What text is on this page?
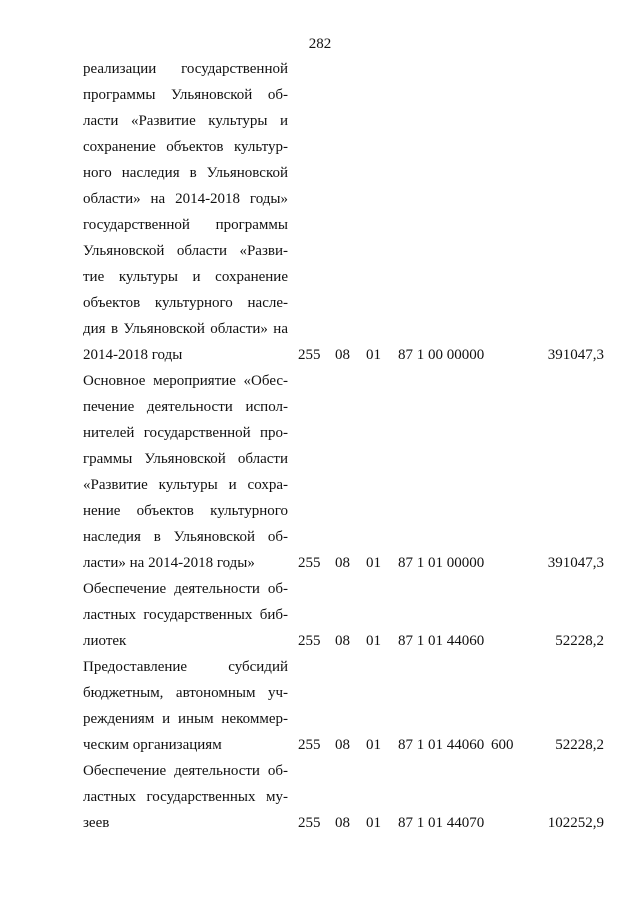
282
реализации государственной
программы Ульяновской об-
ласти «Развитие культуры и
сохранение объектов культур-
ного наследия в Ульяновской
области» на 2014-2018 годы»
государственной программы
Ульяновской области «Разви-
тие культуры и сохранение
объектов культурного насле-
дия в Ульяновской области» на
2014-2018 годы	255 08 01 87 1 00 00000	391047,3
Основное мероприятие «Обес-
печение деятельности испол-
нителей государственной про-
граммы Ульяновской области
«Развитие культуры и сохра-
нение объектов культурного
наследия в Ульяновской об-
ласти» на 2014-2018 годы»	255 08 01 87 1 01 00000	391047,3
Обеспечение деятельности об-
ластных государственных биб-
лиотек	255 08 01 87 1 01 44060	52228,2
Предоставление субсидий
бюджетным, автономным уч-
реждениям и иным некоммер-
ческим организациям	255 08 01 87 1 01 44060 600	52228,2
Обеспечение деятельности об-
ластных государственных му-
зеев	255 08 01 87 1 01 44070	102252,9
